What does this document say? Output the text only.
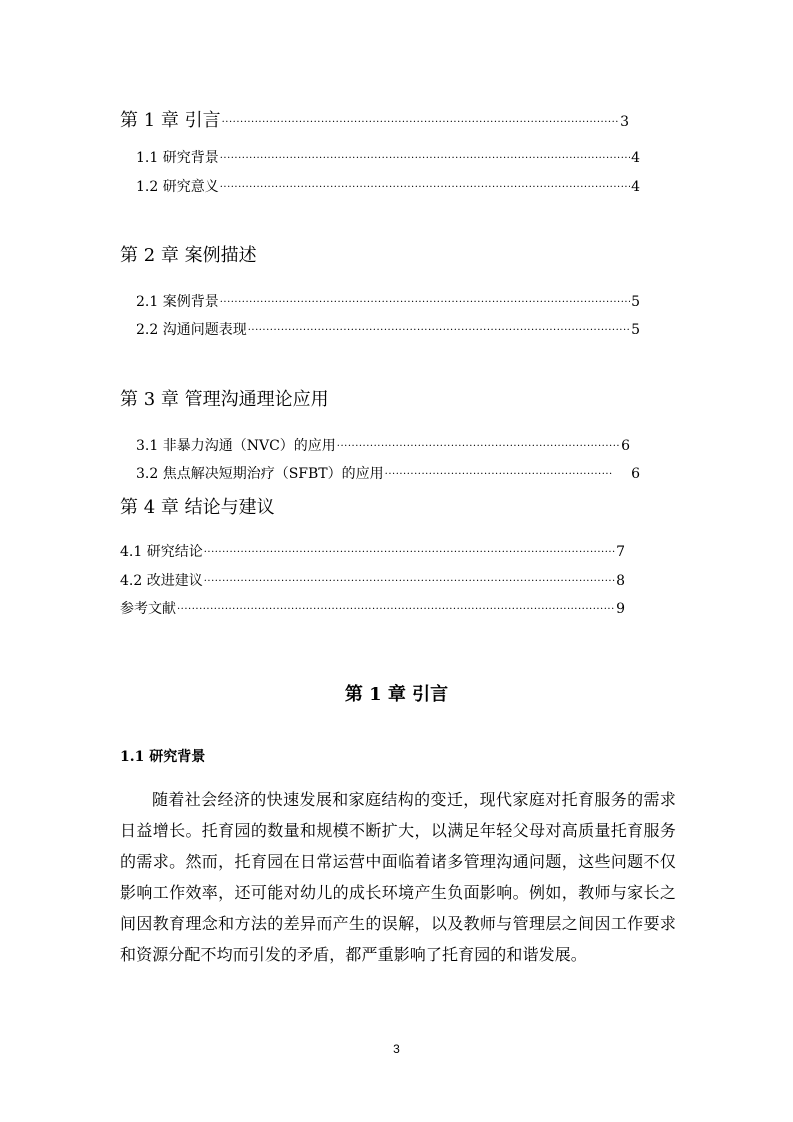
第 1 章 引言 ·····	3
1.1 研究背景 ·····	4
1.2 研究意义 ·····	4
第 2 章 案例描述
2.1 案例背景 ·····	5
2.2 沟通问题表现 ·····	5
第 3 章 管理沟通理论应用
3.1 非暴力沟通（NVC）的应用 ·····	6
3.2 焦点解决短期治疗（SFBT）的应用 ·····	6
第 4 章 结论与建议
4.1 研究结论 ·····	7
4.2 改进建议 ·····	8
参考文献 ·····	9
第 1 章 引言
1.1 研究背景
随着社会经济的快速发展和家庭结构的变迁，现代家庭对托育服务的需求日益增长。托育园的数量和规模不断扩大，以满足年轻父母对高质量托育服务的需求。然而，托育园在日常运营中面临着诸多管理沟通问题，这些问题不仅影响工作效率，还可能对幼儿的成长环境产生负面影响。例如，教师与家长之间因教育理念和方法的差异而产生的误解，以及教师与管理层之间因工作要求和资源分配不均而引发的矛盾，都严重影响了托育园的和谐发展。
3
